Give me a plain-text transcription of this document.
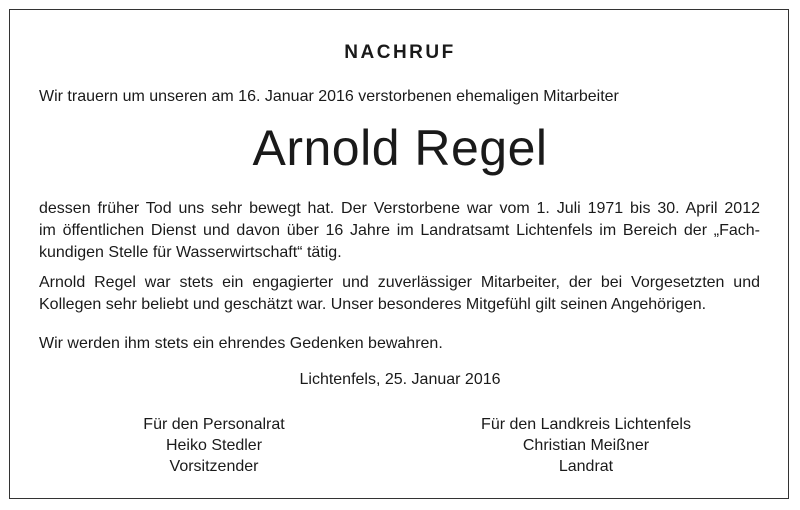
NACHRUF
Wir trauern um unseren am 16. Januar 2016 verstorbenen ehemaligen Mitarbeiter
Arnold Regel
dessen früher Tod uns sehr bewegt hat. Der Verstorbene war vom 1. Juli 1971 bis 30. April 2012
im öffentlichen Dienst und davon über 16 Jahre im Landratsamt Lichtenfels im Bereich der „Fach-
kundigen Stelle für Wasserwirtschaft“ tätig.
Arnold Regel war stets ein engagierter und zuverlässiger Mitarbeiter, der bei Vorgesetzten und
Kollegen sehr beliebt und geschätzt war. Unser besonderes Mitgefühl gilt seinen Angehörigen.
Wir werden ihm stets ein ehrendes Gedenken bewahren.
Lichtenfels, 25. Januar 2016
Für den Personalrat
Heiko Stedler
Vorsitzender
Für den Landkreis Lichtenfels
Christian Meißner
Landrat
